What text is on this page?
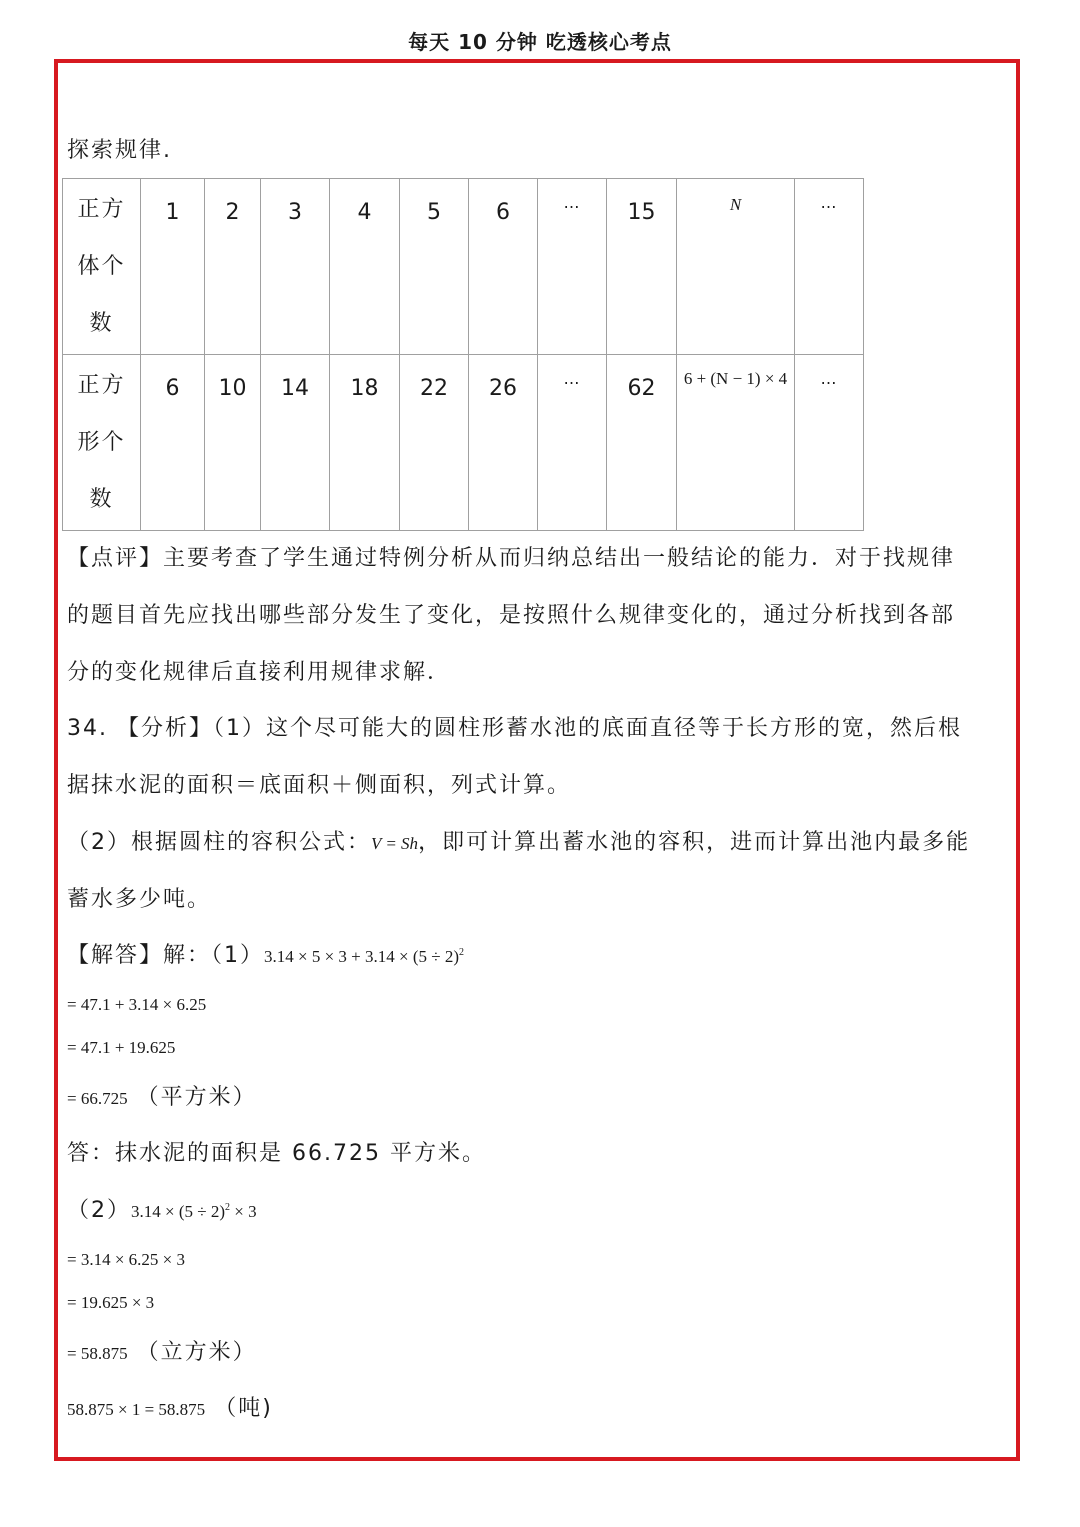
每天 10 分钟 吃透核心考点
探索规律.
正方
体个
数	1	2	3	4	5	6	…	15	N	…

正方
形个
数	6	10	14	18	22	26	…	62	6 + (N − 1) × 4	…
【点评】主要考查了学生通过特例分析从而归纳总结出一般结论的能力．对于找规律
的题目首先应找出哪些部分发生了变化，是按照什么规律变化的，通过分析找到各部
分的变化规律后直接利用规律求解．
34. 【分析】（1）这个尽可能大的圆柱形蓄水池的底面直径等于长方形的宽，然后根
据抹水泥的面积＝底面积＋侧面积，列式计算。
（2）根据圆柱的容积公式：V = Sh，即可计算出蓄水池的容积，进而计算出池内最多能
蓄水多少吨。
【解答】解：$(1)3.14 \times 5 \times 3 + 3.14 \times (5 \div 2)^2$
= 47.1 + 3.14 × 6.25
= 47.1 + 19.625
= 66.725 （平方米）
答：抹水泥的面积是 66.725 平方米。
$(2)3.14 \times (5 \div 2)^2 \times 3$
= 3.14 × 6.25 × 3
= 19.625 × 3
= 58.875 （立方米）
58.875 × 1 = 58.875 （吨)
